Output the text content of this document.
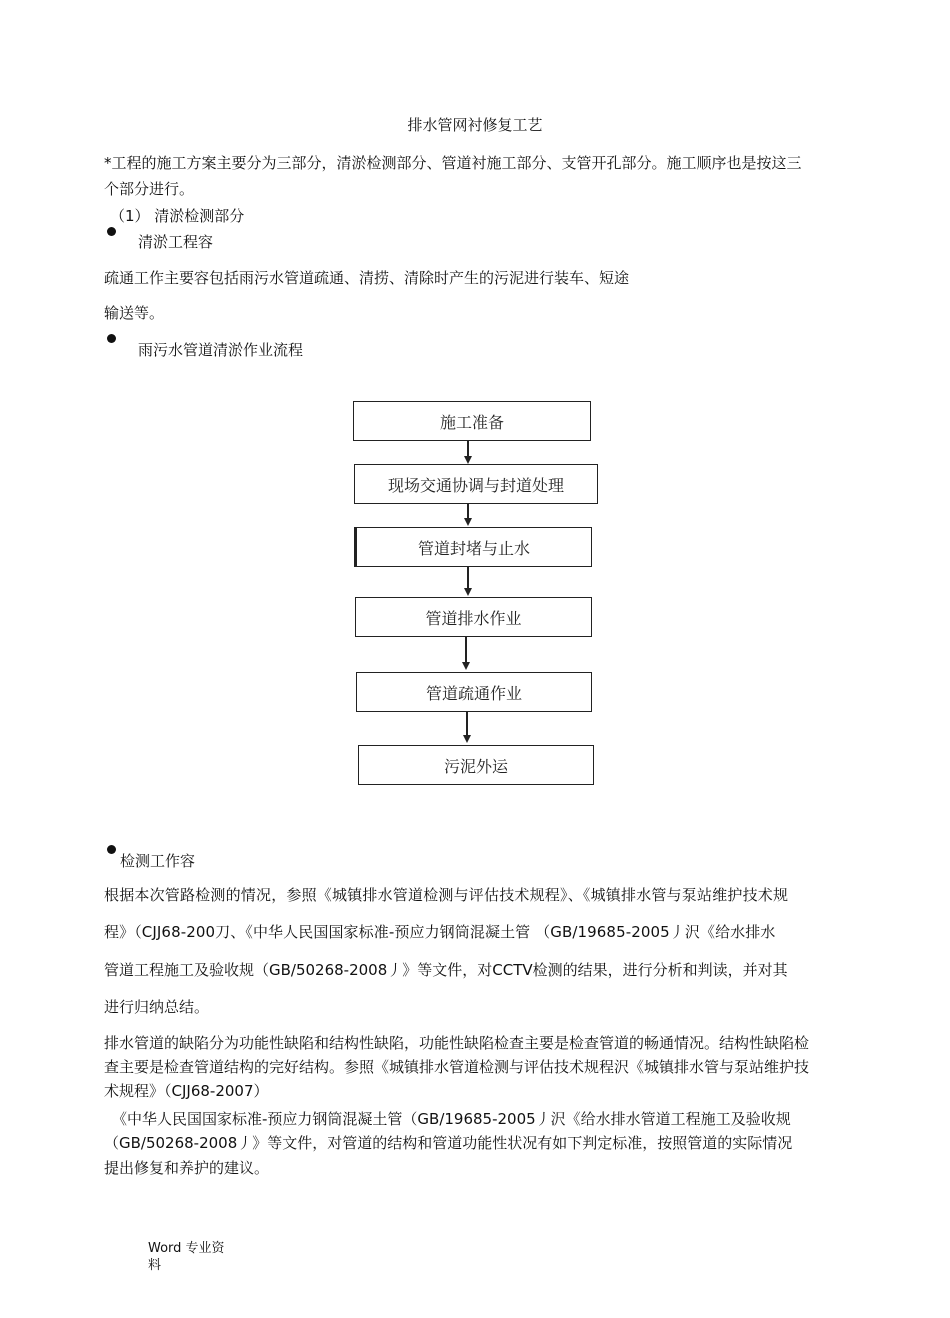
排水管网衬修复工艺
*工程的施工方案主要分为三部分，清淤检测部分、管道衬施工部分、支管开孔部分。施工顺序也是按这三
个部分进行。
（1） 清淤检测部分
清淤工程容
疏通工作主要容包括雨污水管道疏通、清捞、清除时产生的污泥进行装车、短途
输送等。
雨污水管道清淤作业流程
施工准备
现场交通协调与封道处理
管道封堵与止水
管道排水作业
管道疏通作业
污泥外运
检测工作容
根据本次管路检测的情况，参照《城镇排水管道检测与评估技术规程》、《城镇排水管与泵站维护技术规
程》（CJJ68-200刀、《中华人民国国家标准-预应力钢筒混凝土管 （GB/19685-2005丿沢《给水排水
管道工程施工及验收规（GB/50268-2008丿》等文件，对CCTV检测的结果，进行分析和判读，并对其
进行归纳总结。
排水管道的缺陷分为功能性缺陷和结构性缺陷，功能性缺陷检查主要是检查管道的畅通情况。结构性缺陷检
查主要是检查管道结构的完好结构。参照《城镇排水管道检测与评估技术规程沢《城镇排水管与泵站维护技
术规程》（CJJ68-2007）
《中华人民国国家标准-预应力钢筒混凝土管（GB/19685-2005丿沢《给水排水管道工程施工及验收规
（GB/50268-2008丿》等文件，对管道的结构和管道功能性状况有如下判定标准，按照管道的实际情况
提出修复和养护的建议。
Word 专业资
料
